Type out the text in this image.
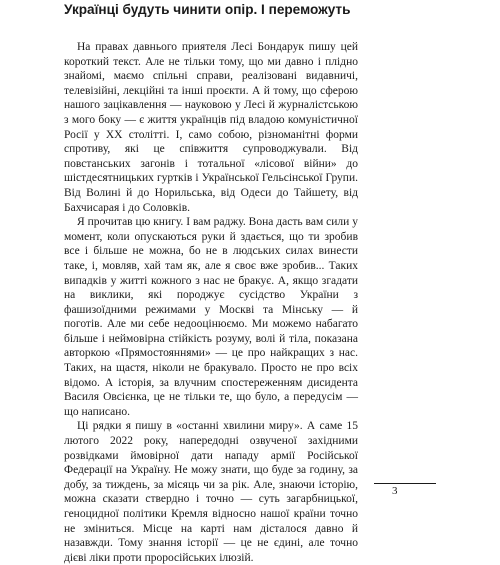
Українці будуть чинити опір. І переможуть

На правах давнього приятеля Лесі Бондарук пишу цей короткий текст. Але не тільки тому, що ми давно і плідно знайомі, маємо спільні справи, реалізовані видавничі, телевізійні, лекційні та інші проєкти. А й тому, що сферою нашого зацікавлення — науковою у Лесі й журналістською з мого боку — є життя українців під владою комуністичної Росії у ХХ столітті. І, само собою, різноманітні форми спротиву, які це співжиття супроводжували. Від повстанських загонів і тотальної «лісової війни» до шістдесятницьких гуртків і Української Гельсінської Групи. Від Волині й до Норильська, від Одеси до Тайшету, від Бахчисарая і до Соловків.

Я прочитав цю книгу. І вам раджу. Вона дасть вам сили у момент, коли опускаються руки й здається, що ти зробив все і більше не можна, бо не в людських силах винести таке, і, мовляв, хай там як, але я своє вже зробив... Таких випадків у житті кожного з нас не бракує. А, якщо згадати на виклики, які породжує сусідство України з фашизоїдними режимами у Москві та Мінську — й поготів. Але ми себе недооцінюємо. Ми можемо набагато більше і неймовірна стійкість розуму, волі й тіла, показана авторкою «Прямостояннями» — це про найкращих з нас. Таких, на щастя, ніколи не бракувало. Просто не про всіх відомо. А історія, за влучним спостереженням дисидента Василя Овсієнка, це не тільки те, що було, а передусім — що написано.

Ці рядки я пишу в «останні хвилини миру». А саме 15 лютого 2022 року, напередодні озвученої західними розвідками ймовірної дати нападу армії Російської Федерації на Україну. Не можу знати, що буде за годину, за добу, за тиждень, за місяць чи за рік. Але, знаючи історію, можна сказати ствердно і точно — суть загарбницької, геноцидної політики Кремля відносно нашої країни точно не зміниться. Місце на карті нам дісталося давно й назавжди. Тому знання історії — це не єдині, але точно дієві ліки проти проросійських ілюзій.

3
